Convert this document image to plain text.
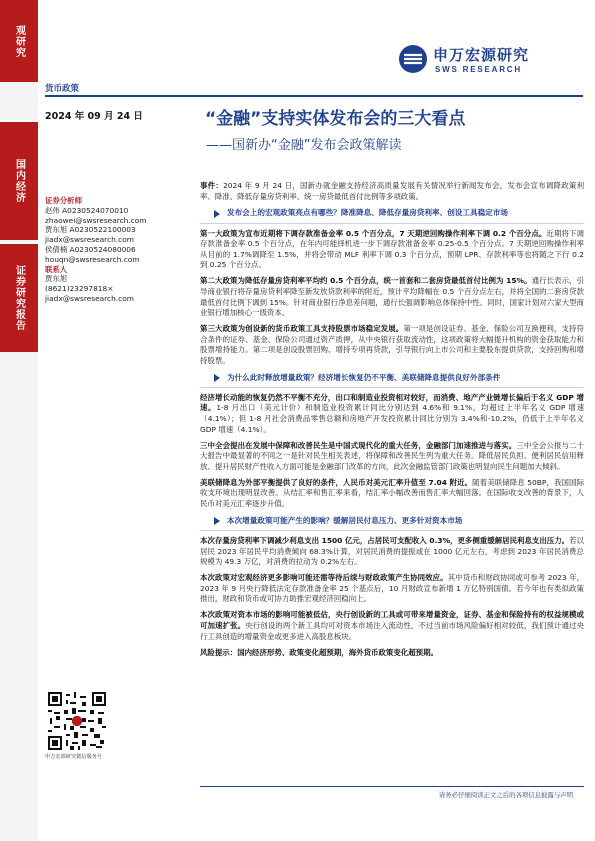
观研究
国内经济
证券研究报告
申万宏源研究
SWS RESEARCH
货币政策
2024 年 09 月 24 日	“金融”支持实体发布会的三大看点
——国新办“金融”发布会政策解读
证券分析师
赵伟 A0230524070010
zhaowei@swsresearch.com
贾东旭 A0230522100003
jiadx@swsresearch.com
侯倩楠 A0230524080006
houqn@swsresearch.com
联系人
贾东旭
(8621)23297818×
jiadx@swsresearch.com
申万宏源研究微信服务号

事件：2024 年 9 月 24 日，国新办就金融支持经济高质量发展有关情况举行新闻发布会，发布会宣布调降政策利率、降准、降低存量房贷利率、统一房贷最低首付比例等多项政策。

发布会上的宏观政策亮点有哪些？降准降息、降低存量房贷利率、创设工具稳定市场

第一大政策为宣布近期将下调存款准备金率 0.5 个百分点，7 天期逆回购操作利率下调 0.2 个百分点。近期将下调存款准备金率 0.5 个百分点，在年内可能择机进一步下调存款准备金率 0.25-0.5 个百分点。7 天期逆回购操作利率从目前的 1.7%调降至 1.5%，并将会带动 MLF 利率下调 0.3 个百分点，预期 LPR、存款利率等也将随之下行 0.2 到 0.25 个百分点。

第二大政策为降低存量房贷利率平均约 0.5 个百分点，统一首套和二套房贷最低首付比例为 15%。通行长表示，引导商业银行将存量房贷利率降至新发放贷款利率的附近，预计平均降幅在 0.5 个百分点左右，并将全国的二套房贷款最低首付比例下调到 15%。针对商业银行净息差问题，通行长强调影响总体保持中性。同时，国家计划对六家大型商业银行增加核心一级资本。

第三大政策为创设新的货币政策工具支持股票市场稳定发展。第一项是创设证券、基金、保险公司互换便利，支持符合条件的证券、基金、保险公司通过资产质押，从中央银行获取流动性，这项政策将大幅提升机构的资金获取能力和股票增持能力。第二项是创设股票回购、增持专项再贷款，引导银行向上市公司和主要股东提供贷款，支持回购和增持股票。

为什么此时释放增量政策？经济增长恢复仍不平衡、美联储降息提供良好外部条件

经济增长动能的恢复仍然不平衡不充分，出口和制造业投资相对较好，而消费、地产产业链增长偏后于名义 GDP 增速。1-8 月出口（美元计价）和制造业投资累计同比分别达到 4.6%和 9.1%，均超过上半年名义 GDP 增速（4.1%）；但 1-8 月社会消费品零售总额和房地产开发投资累计同比分别为 3.4%和-10.2%，仍低于上半年名义 GDP 增速（4.1%）。

三中全会提出在发展中保障和改善民生是中国式现代化的重大任务，金融部门加速推进与落实。三中全会公报与二十大报告中最显著的不同之一是针对民生相关表述，将保障和改善民生列为重大任务。降低居民负担、便利居民信用释放、提升居民财产性收入方面可能是金融部门改革的方向，此次金融监管部门政策也明显向民生问题加大倾斜。

美联储降息为外部平衡提供了良好的条件，人民币对美元汇率升值至 7.04 附近。随着美联储降息 50BP，我国国际收支环境出现明显改善。从结汇率和售汇率来看，结汇率小幅改善而售汇率大幅回落。在国际收支改善的背景下，人民币对美元汇率逐步升值。

本次增量政策可能产生的影响？缓解居民付息压力、更多针对资本市场

本次存量房贷利率下调减少利息支出 1500 亿元，占居民可支配收入 0.3%，更多侧重缓解居民利息支出压力。若以居民 2023 年居民平均消费倾向 68.3%计算，对居民消费的提振或在 1000 亿元左右，考虑到 2023 年居民消费总规模为 49.3 万亿，对消费的拉动为 0.2%左右。

本次政策对宏观经济更多影响可能还需等待后续与财政政策产生协同效应。其中货币和财政协同或可参考 2023 年，2023 年 9 月央行降低法定存款准备金率 25 个基点后，10 月财政宣布新增 1 万亿特别国债。若今年也有类似政策推出，财政和货币或可协力助推宏观经济回稳向上。

本次政策对资本市场的影响可能被低估，央行创设新的工具或可带来增量资金，证券、基金和保险持有的权益规模或可加速扩张。央行创设的两个新工具均可对资本市场注入流动性，不过当前市场风险偏好相对较低，我们预计通过央行工具创造的增量资金或更多进入高股息板块。

风险提示：国内经济形势、政策变化超预期，海外货币政策变化超预期。

请务必仔细阅读正文之后的各项信息披露与声明
